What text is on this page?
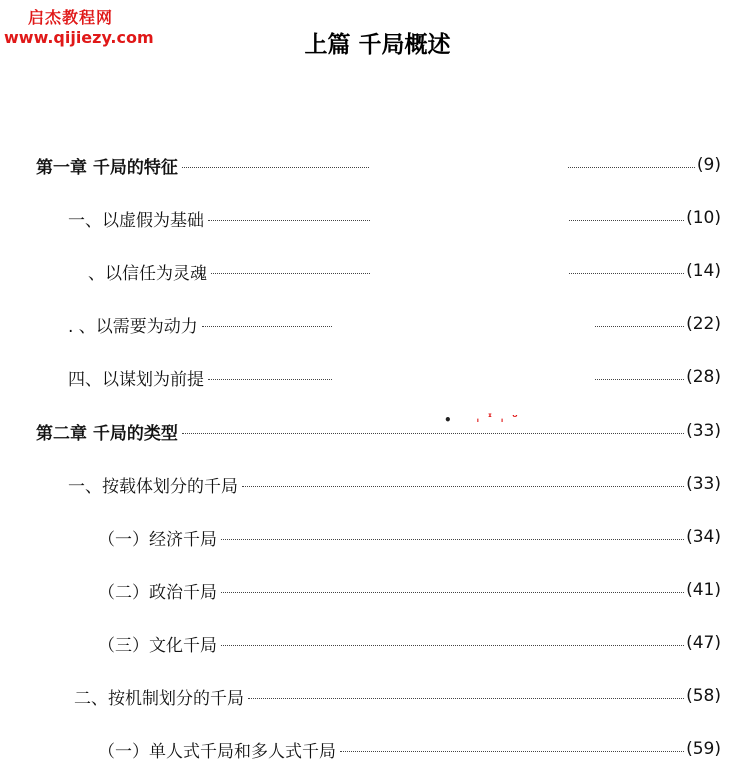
启杰教程网
www.qijiezy.com	上篇 千局概述
第一章 千局的特征	(9)
一、以虚假为基础	(10)
、以信任为灵魂	(14)
. 、以需要为动力	(22)
四、以谋划为前提	(28)
第二章 千局的类型	(33)
一、按载体划分的千局	(33)
（一）经济千局	(34)
（二）政治千局	(41)
（三）文化千局	(47)
二、按机制划分的千局	(58)
（一）单人式千局和多人式千局	(59)
• ˌ ᶦ ˌ ᵕ
